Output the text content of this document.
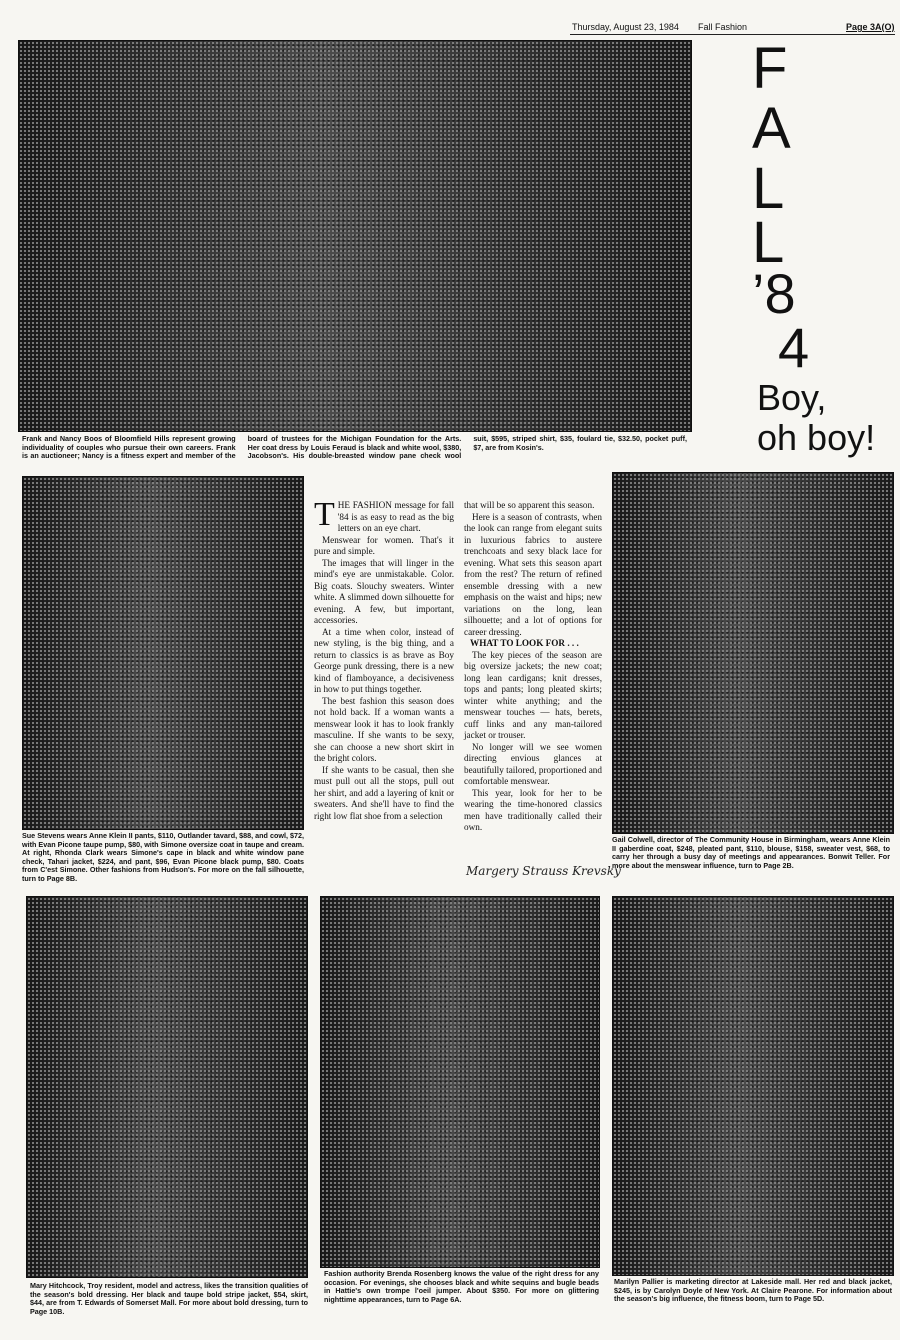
Thursday, August 23, 1984 Fall Fashion	Page 3A(O)
Frank and Nancy Boos of Bloomfield Hills represent growing individuality of couples who pursue their own careers. Frank is an auctioneer; Nancy is a fitness expert and member of the board of trustees for the Michigan Foundation for the Arts. Her coat dress by Louis Feraud is black and white wool, $380, Jacobson's. His double-breasted window pane check wool suit, $595, striped shirt, $35, foulard tie, $32.50, pocket puff, $7, are from Kosin's.
F
A
L
L
’8
4
Boy,
oh boy!
Sue Stevens wears Anne Klein II pants, $110, Outlander tavard, $88, and cowl, $72, with Evan Picone taupe pump, $80, with Simone oversize coat in taupe and cream. At right, Rhonda Clark wears Simone's cape in black and white window pane check, Tahari jacket, $224, and pant, $96, Evan Picone black pump, $80. Coats from C'est Simone. Other fashions from Hudson's. For more on the fall silhouette, turn to Page 8B.

THE FASHION message for fall '84 is as easy to read as the big letters on an eye chart.

Menswear for women. That's it pure and simple.

The images that will linger in the mind's eye are unmistakable. Color. Big coats. Slouchy sweaters. Winter white. A slimmed down silhouette for evening. A few, but important, accessories.

At a time when color, instead of new styling, is the big thing, and a return to classics is as brave as Boy George punk dressing, there is a new kind of flamboyance, a decisiveness in how to put things together.

The best fashion this season does not hold back. If a woman wants a menswear look it has to look frankly masculine. If she wants to be sexy, she can choose a new short skirt in the bright colors.

If she wants to be casual, then she must pull out all the stops, pull out her shirt, and add a layering of knit or sweaters. And she'll have to find the right low flat shoe from a selection

that will be so apparent this season.

Here is a season of contrasts, when the look can range from elegant suits in luxurious fabrics to austere trenchcoats and sexy black lace for evening. What sets this season apart from the rest? The return of refined ensemble dressing with a new emphasis on the waist and hips; new variations on the long, lean silhouette; and a lot of options for career dressing.

WHAT TO LOOK FOR . . .

The key pieces of the season are big oversize jackets; the new coat; long lean cardigans; knit dresses, tops and pants; long pleated skirts; winter white anything; and the menswear touches — hats, berets, cuff links and any man-tailored jacket or trouser.

No longer will we see women directing envious glances at beautifully tailored, proportioned and comfortable menswear.

This year, look for her to be wearing the time-honored classics men have traditionally called their own.

Margery Strauss Krevsky
Gail Colwell, director of The Community House in Birmingham, wears Anne Klein II gaberdine coat, $248, pleated pant, $110, blouse, $158, sweater vest, $68, to carry her through a busy day of meetings and appearances. Bonwit Teller. For more about the menswear influence, turn to Page 2B.
Mary Hitchcock, Troy resident, model and actress, likes the transition qualities of the season's bold dressing. Her black and taupe bold stripe jacket, $54, skirt, $44, are from T. Edwards of Somerset Mall. For more about bold dressing, turn to Page 10B.
Fashion authority Brenda Rosenberg knows the value of the right dress for any occasion. For evenings, she chooses black and white sequins and bugle beads in Hattie's own trompe l'oeil jumper. About $350. For more on glittering nighttime appearances, turn to Page 6A.
Marilyn Pallier is marketing director at Lakeside mall. Her red and black jacket, $245, is by Carolyn Doyle of New York. At Claire Pearone. For information about the season's big influence, the fitness boom, turn to Page 5D.
